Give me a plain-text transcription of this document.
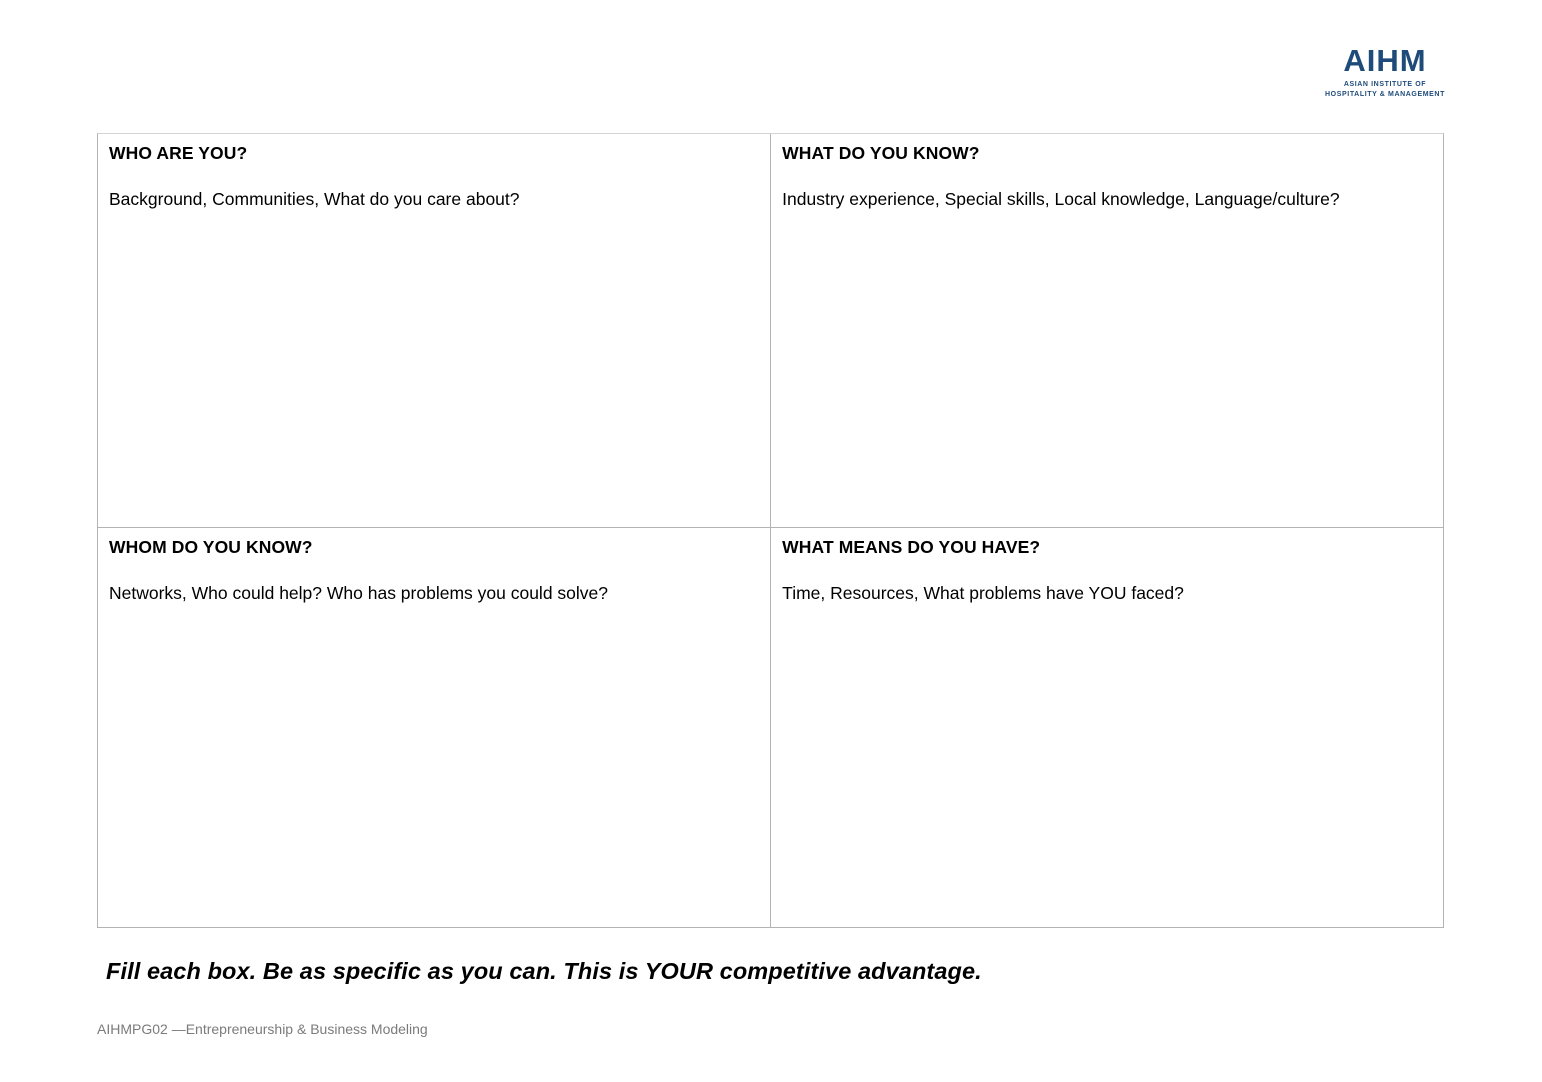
AIHM
ASIAN INSTITUTE OF
HOSPITALITY & MANAGEMENT
WHO ARE YOU?
Background, Communities, What do you care about?
WHAT DO YOU KNOW?
Industry experience, Special skills, Local knowledge, Language/culture?
WHOM DO YOU KNOW?
Networks, Who could help? Who has problems you could solve?
WHAT MEANS DO YOU HAVE?
Time, Resources, What problems have YOU faced?
Fill each box. Be as specific as you can. This is YOUR competitive advantage.
AIHMPG02 —Entrepreneurship & Business Modeling
